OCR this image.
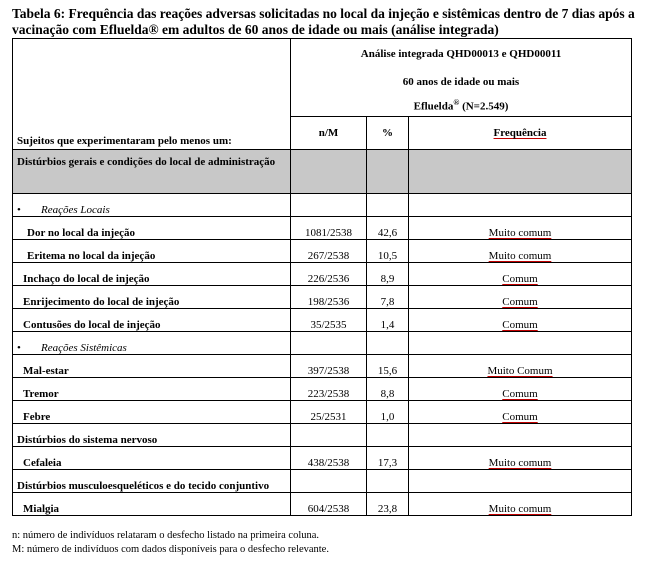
Tabela 6: Frequência das reações adversas solicitadas no local da injeção e sistêmicas dentro de 7 dias após a vacinação com Efluelda® em adultos de 60 anos de idade ou mais (análise integrada)
	Análise integrada QHD00013 e QHD00011		
	60 anos de idade ou mais		
	Efluelda® (N=2.549)		
Sujeitos que experimentaram pelo menos um:	n/M	%	Frequência
Distúrbios gerais e condições do local de administração			
• Reações Locais			
Dor no local da injeção	1081/2538	42,6	Muito comum
Eritema no local da injeção	267/2538	10,5	Muito comum
Inchaço do local de injeção	226/2536	8,9	Comum
Enrijecimento do local de injeção	198/2536	7,8	Comum
Contusões do local de injeção	35/2535	1,4	Comum
• Reações Sistêmicas			
Mal-estar	397/2538	15,6	Muito Comum
Tremor	223/2538	8,8	Comum
Febre	25/2531	1,0	Comum
Distúrbios do sistema nervoso			
Cefaleia	438/2538	17,3	Muito comum
Distúrbios musculoesqueléticos e do tecido conjuntivo			
Mialgia	604/2538	23,8	Muito comum
n: número de indivíduos relataram o desfecho listado na primeira coluna.
M: número de indivíduos com dados disponíveis para o desfecho relevante.
